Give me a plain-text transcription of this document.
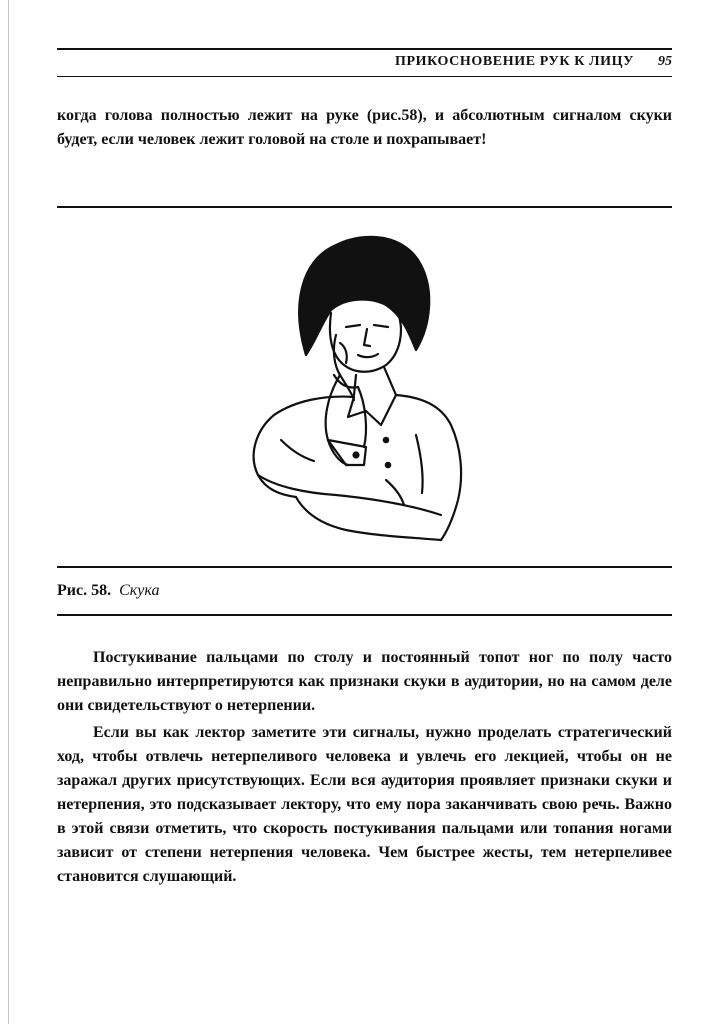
ПРИКОСНОВЕНИЕ РУК К ЛИЦУ 95

когда голова полностью лежит на руке (рис.58), и абсолютным сигналом скуки будет, если человек лежит головой на столе и похрапывает!

Рис. 58. Скука

Постукивание пальцами по столу и постоянный топот ног по полу часто неправильно интерпретируются как признаки скуки в аудитории, но на самом деле они свидетельствуют о нетерпении.

Если вы как лектор заметите эти сигналы, нужно проделать стратегический ход, чтобы отвлечь нетерпеливого человека и увлечь его лекцией, чтобы он не заражал других присутствующих. Если вся аудитория проявляет признаки скуки и нетерпения, это подсказывает лектору, что ему пора заканчивать свою речь. Важно в этой связи отметить, что скорость постукивания пальцами или топания ногами зависит от степени нетерпения человека. Чем быстрее жесты, тем нетерпеливее становится слушающий.
